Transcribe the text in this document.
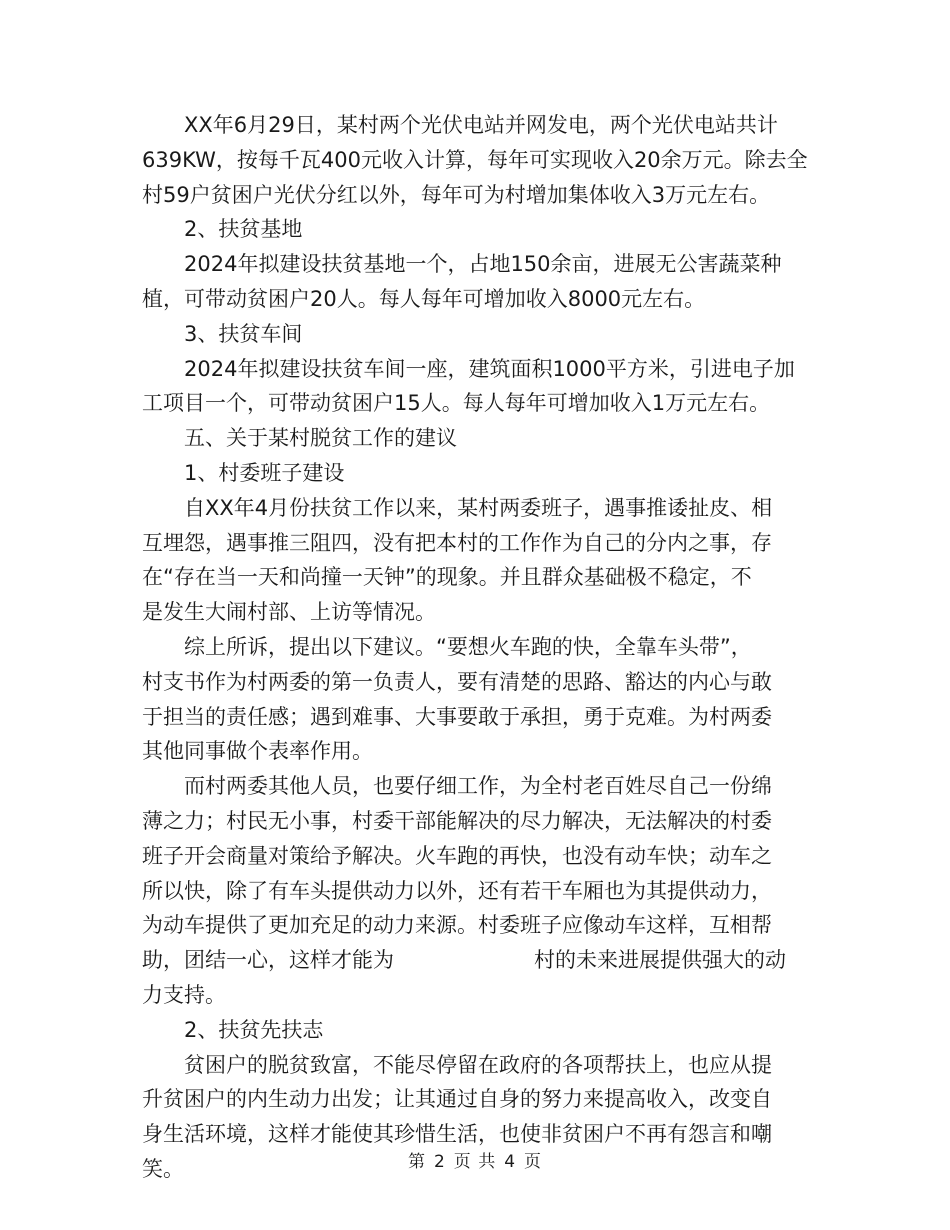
XX年6月29日，某村两个光伏电站并网发电，两个光伏电站共计
639KW，按每千瓦400元收入计算，每年可实现收入20余万元。除去全
村59户贫困户光伏分红以外，每年可为村增加集体收入3万元左右。
2、扶贫基地
2024年拟建设扶贫基地一个，占地150余亩，进展无公害蔬菜种
植，可带动贫困户20人。每人每年可增加收入8000元左右。
3、扶贫车间
2024年拟建设扶贫车间一座，建筑面积1000平方米，引进电子加
工项目一个，可带动贫困户15人。每人每年可增加收入1万元左右。
五、关于某村脱贫工作的建议
1、村委班子建设
自XX年4月份扶贫工作以来，某村两委班子，遇事推诿扯皮、相
互埋怨，遇事推三阻四，没有把本村的工作作为自己的分内之事，存
在“存在当一天和尚撞一天钟”的现象。并且群众基础极不稳定，不
是发生大闹村部、上访等情况。
综上所诉，提出以下建议。“要想火车跑的快，全靠车头带”，
村支书作为村两委的第一负责人，要有清楚的思路、豁达的内心与敢
于担当的责任感；遇到难事、大事要敢于承担，勇于克难。为村两委
其他同事做个表率作用。
而村两委其他人员，也要仔细工作，为全村老百姓尽自己一份绵
薄之力；村民无小事，村委干部能解决的尽力解决，无法解决的村委
班子开会商量对策给予解决。火车跑的再快，也没有动车快；动车之
所以快，除了有车头提供动力以外，还有若干车厢也为其提供动力，
为动车提供了更加充足的动力来源。村委班子应像动车这样，互相帮
助，团结一心，这样才能为	村的未来进展提供强大的动
力支持。
2、扶贫先扶志
贫困户的脱贫致富，不能尽停留在政府的各项帮扶上，也应从提
升贫困户的内生动力出发；让其通过自身的努力来提高收入，改变自
身生活环境，这样才能使其珍惜生活，也使非贫困户不再有怨言和嘲
笑。	第 2 页 共 4 页
